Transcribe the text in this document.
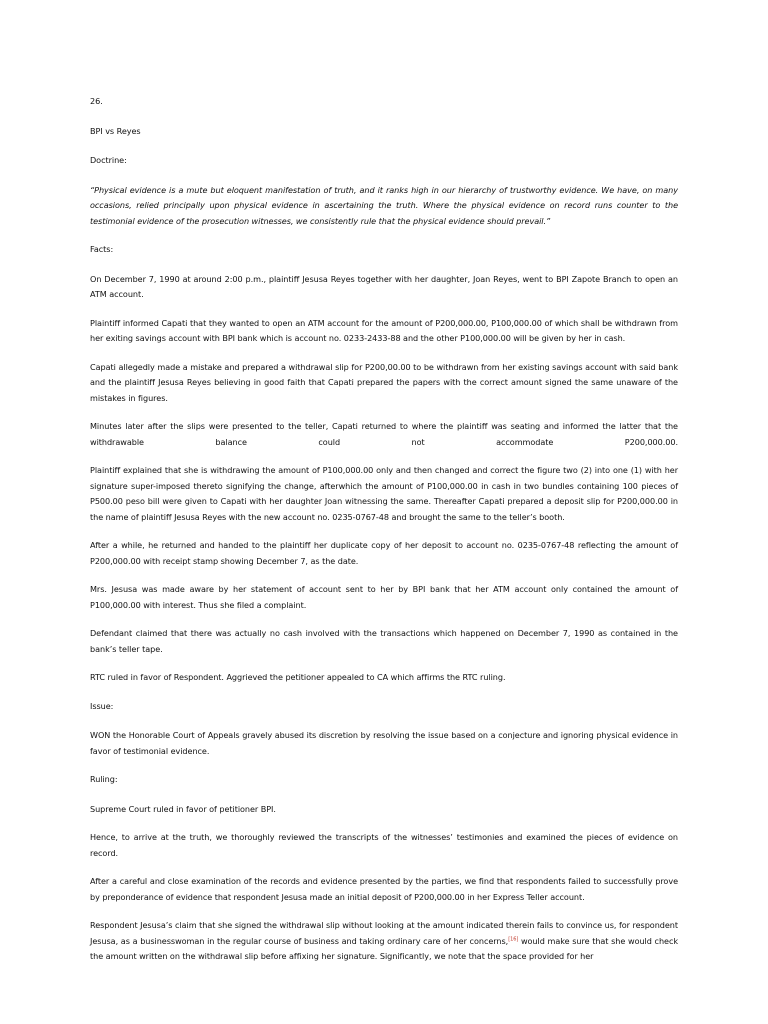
26.

BPI vs Reyes

Doctrine:

“Physical evidence is a mute but eloquent manifestation of truth, and it ranks high in our hierarchy of trustworthy evidence. We have, on many occasions, relied principally upon physical evidence in ascertaining the truth. Where the physical evidence on record runs counter to the testimonial evidence of the prosecution witnesses, we consistently rule that the physical evidence should prevail.”

Facts:

On December 7, 1990 at around 2:00 p.m., plaintiff Jesusa Reyes together with her daughter, Joan Reyes, went to BPI Zapote Branch to open an ATM account.

Plaintiff informed Capati that they wanted to open an ATM account for the amount of P200,000.00, P100,000.00 of which shall be withdrawn from her exiting savings account with BPI bank which is account no. 0233-2433-88 and the other P100,000.00 will be given by her in cash.

Capati allegedly made a mistake and prepared a withdrawal slip for P200,00.00 to be withdrawn from her existing savings account with said bank and the plaintiff Jesusa Reyes believing in good faith that Capati prepared the papers with the correct amount signed the same unaware of the mistakes in figures.

Minutes later after the slips were presented to the teller, Capati returned to where the plaintiff was seating and informed the latter that the withdrawable balance could not accommodate P200,000.00.

Plaintiff explained that she is withdrawing the amount of P100,000.00 only and then changed and correct the figure two (2) into one (1) with her signature super-imposed thereto signifying the change, afterwhich the amount of P100,000.00 in cash in two bundles containing 100 pieces of P500.00 peso bill were given to Capati with her daughter Joan witnessing the same. Thereafter Capati prepared a deposit slip for P200,000.00 in the name of plaintiff Jesusa Reyes with the new account no. 0235-0767-48 and brought the same to the teller’s booth.

After a while, he returned and handed to the plaintiff her duplicate copy of her deposit to account no. 0235-0767-48 reflecting the amount of P200,000.00 with receipt stamp showing December 7, as the date.

Mrs. Jesusa was made aware by her statement of account sent to her by BPI bank that her ATM account only contained the amount of P100,000.00 with interest. Thus she filed a complaint.

Defendant claimed that there was actually no cash involved with the transactions which happened on December 7, 1990 as contained in the bank’s teller tape.

RTC ruled in favor of Respondent. Aggrieved the petitioner appealed to CA which affirms the RTC ruling.

Issue:

WON the Honorable Court of Appeals gravely abused its discretion by resolving the issue based on a conjecture and ignoring physical evidence in favor of testimonial evidence.

Ruling:

Supreme Court ruled in favor of petitioner BPI.

Hence, to arrive at the truth, we thoroughly reviewed the transcripts of the witnesses’ testimonies and examined the pieces of evidence on record.

After a careful and close examination of the records and evidence presented by the parties, we find that respondents failed to successfully prove by preponderance of evidence that respondent Jesusa made an initial deposit of P200,000.00 in her Express Teller account.

Respondent Jesusa’s claim that she signed the withdrawal slip without looking at the amount indicated therein fails to convince us, for respondent Jesusa, as a businesswoman in the regular course of business and taking ordinary care of her concerns,[16] would make sure that she would check the amount written on the withdrawal slip before affixing her signature. Significantly, we note that the space provided for her
